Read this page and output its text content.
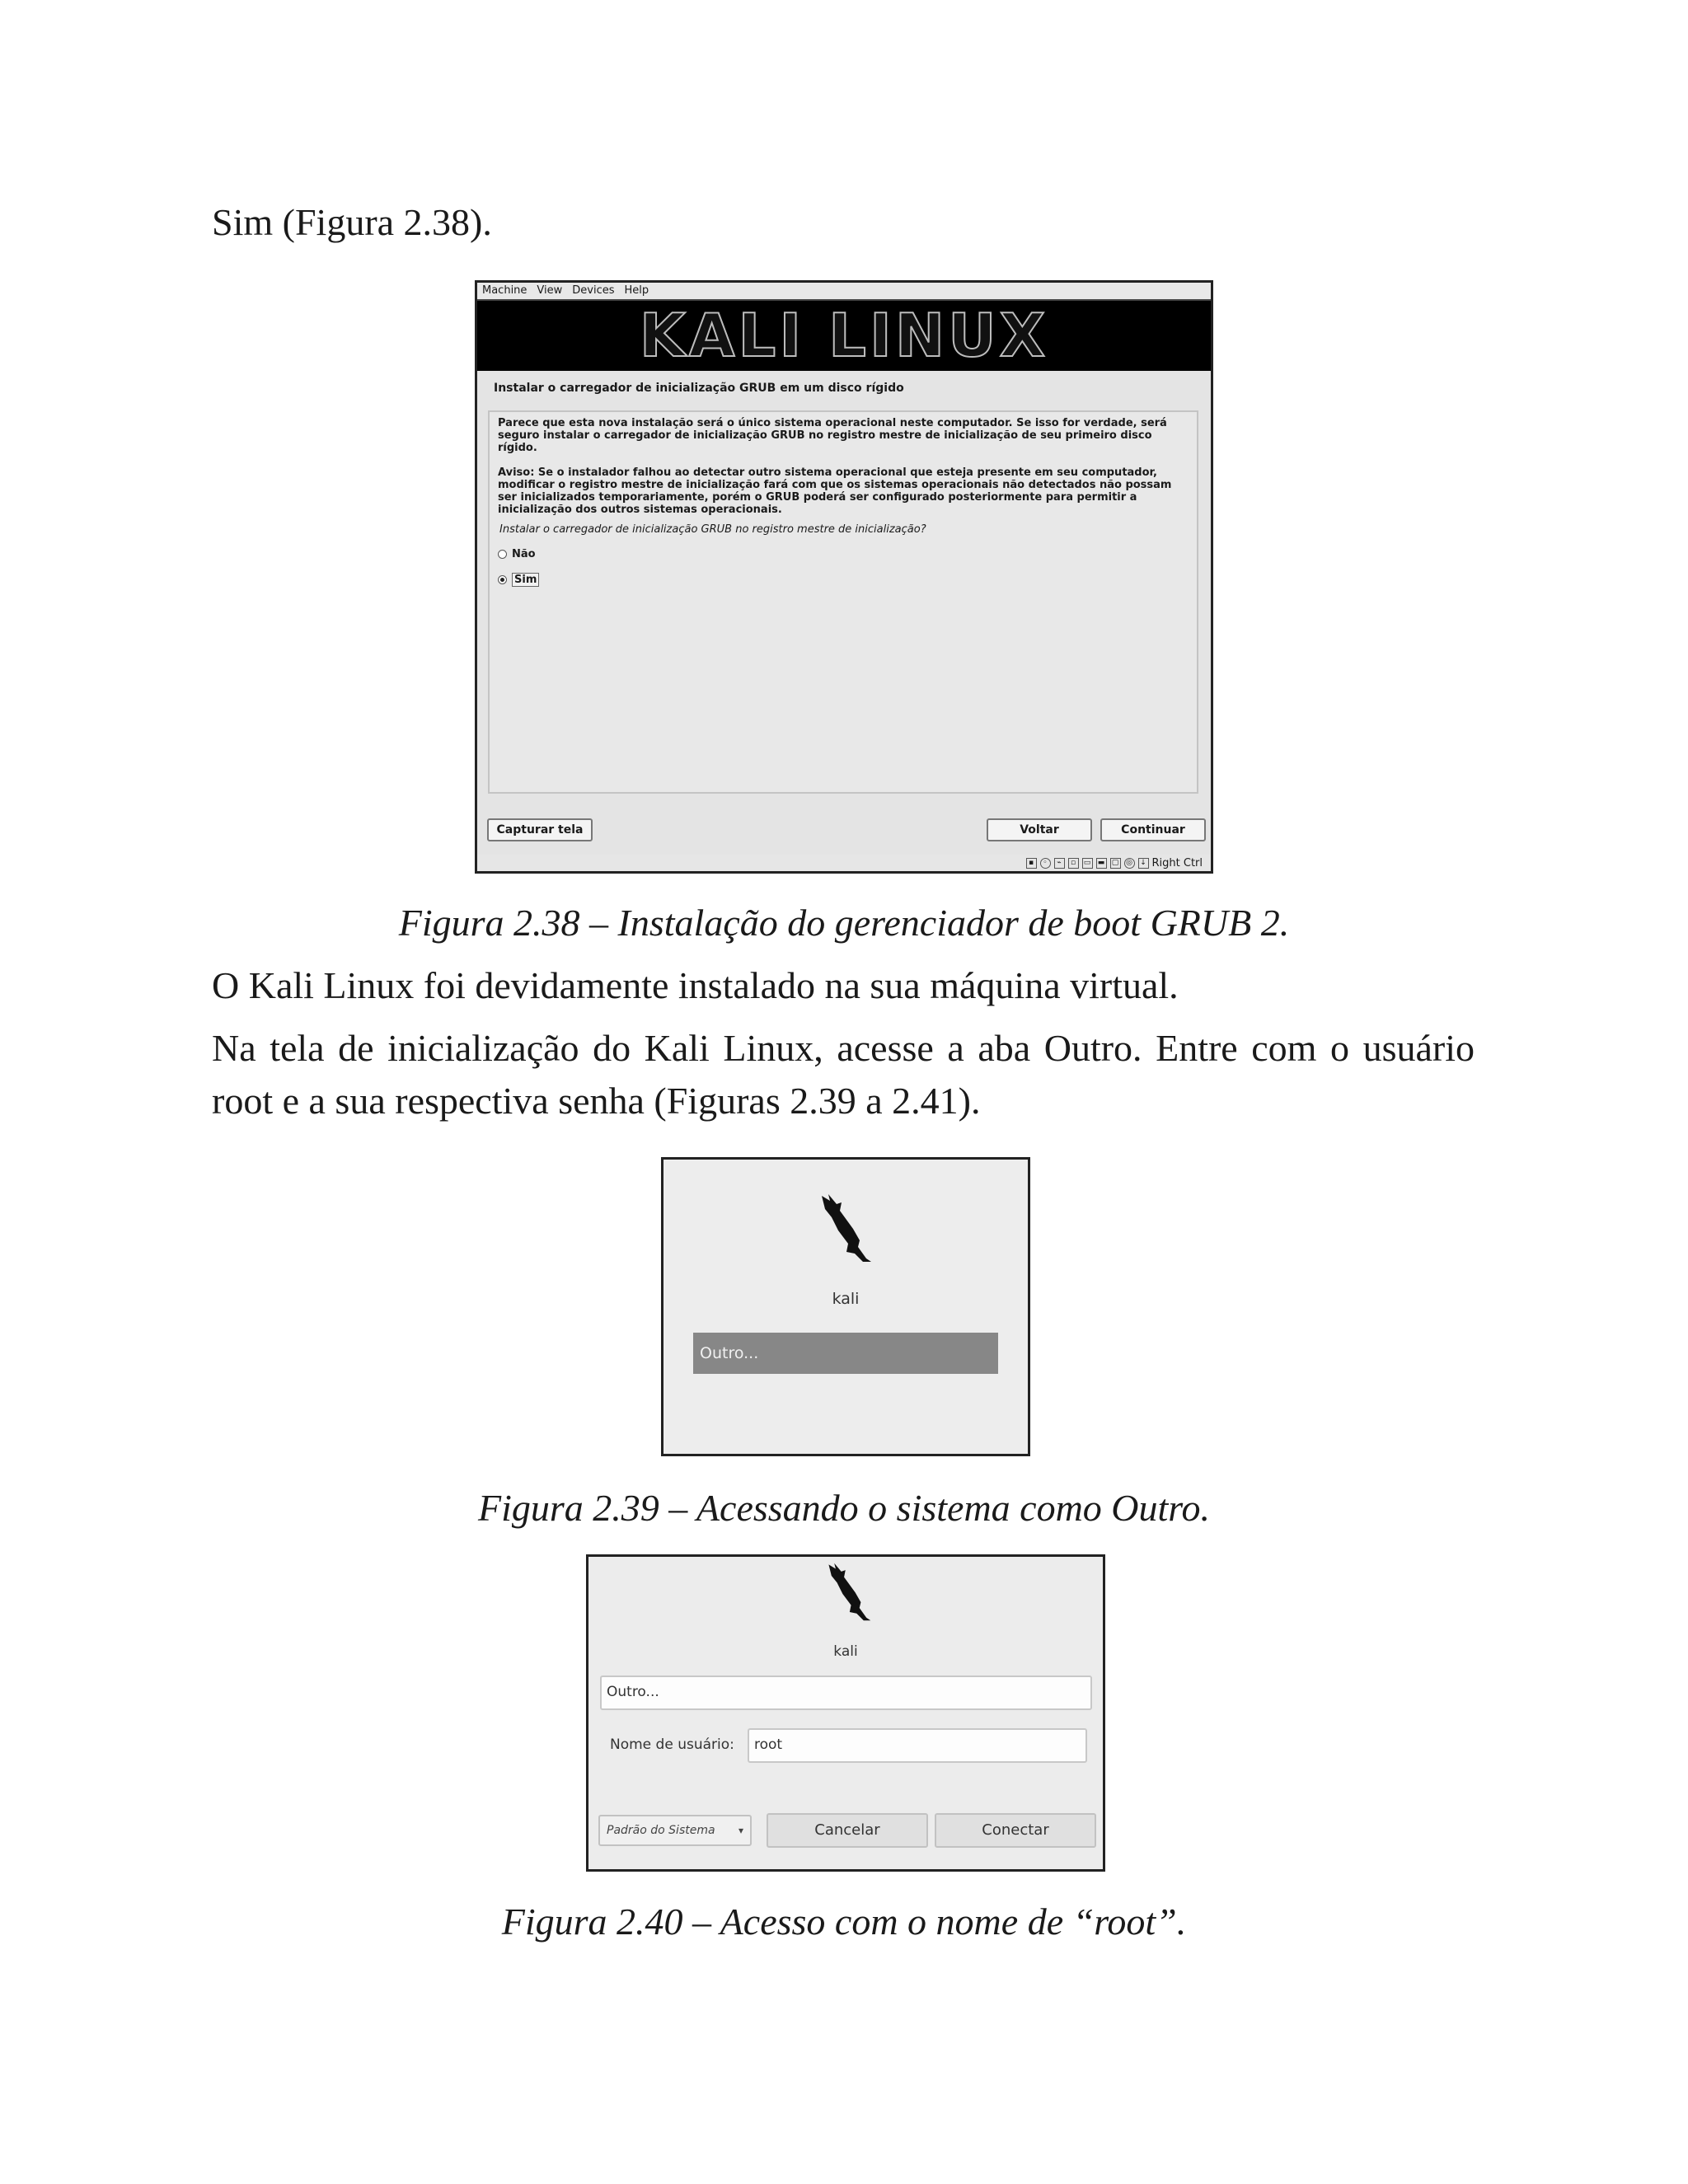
Sim (Figura 2.38).

Machine View Devices Help
KALI LINUX
Instalar o carregador de inicialização GRUB em um disco rígido

Parece que esta nova instalação será o único sistema operacional neste computador. Se isso for verdade, será seguro instalar o carregador de inicialização GRUB no registro mestre de inicialização de seu primeiro disco rígido.

Aviso: Se o instalador falhou ao detectar outro sistema operacional que esteja presente em seu computador, modificar o registro mestre de inicialização fará com que os sistemas operacionais não detectados não possam ser inicializados temporariamente, porém o GRUB poderá ser configurado posteriormente para permitir a inicialização dos outros sistemas operacionais.

Instalar o carregador de inicialização GRUB no registro mestre de inicialização?
Não
Sim
Capturar tela	Voltar	Continuar
▪	◦	⌁	▫	▭ ▬ ▢ ◎	↓ Right Ctrl

Figura 2.38 – Instalação do gerenciador de boot GRUB 2.

O Kali Linux foi devidamente instalado na sua máquina virtual.

Na tela de inicialização do Kali Linux, acesse a aba Outro. Entre com o usuário root e a sua respectiva senha (Figuras 2.39 a 2.41).

kali
Outro...

Figura 2.39 – Acessando o sistema como Outro.

kali
Outro...
Nome de usuário:	root
Padrão do Sistema ▾	Cancelar	Conectar

Figura 2.40 – Acesso com o nome de “root”.
